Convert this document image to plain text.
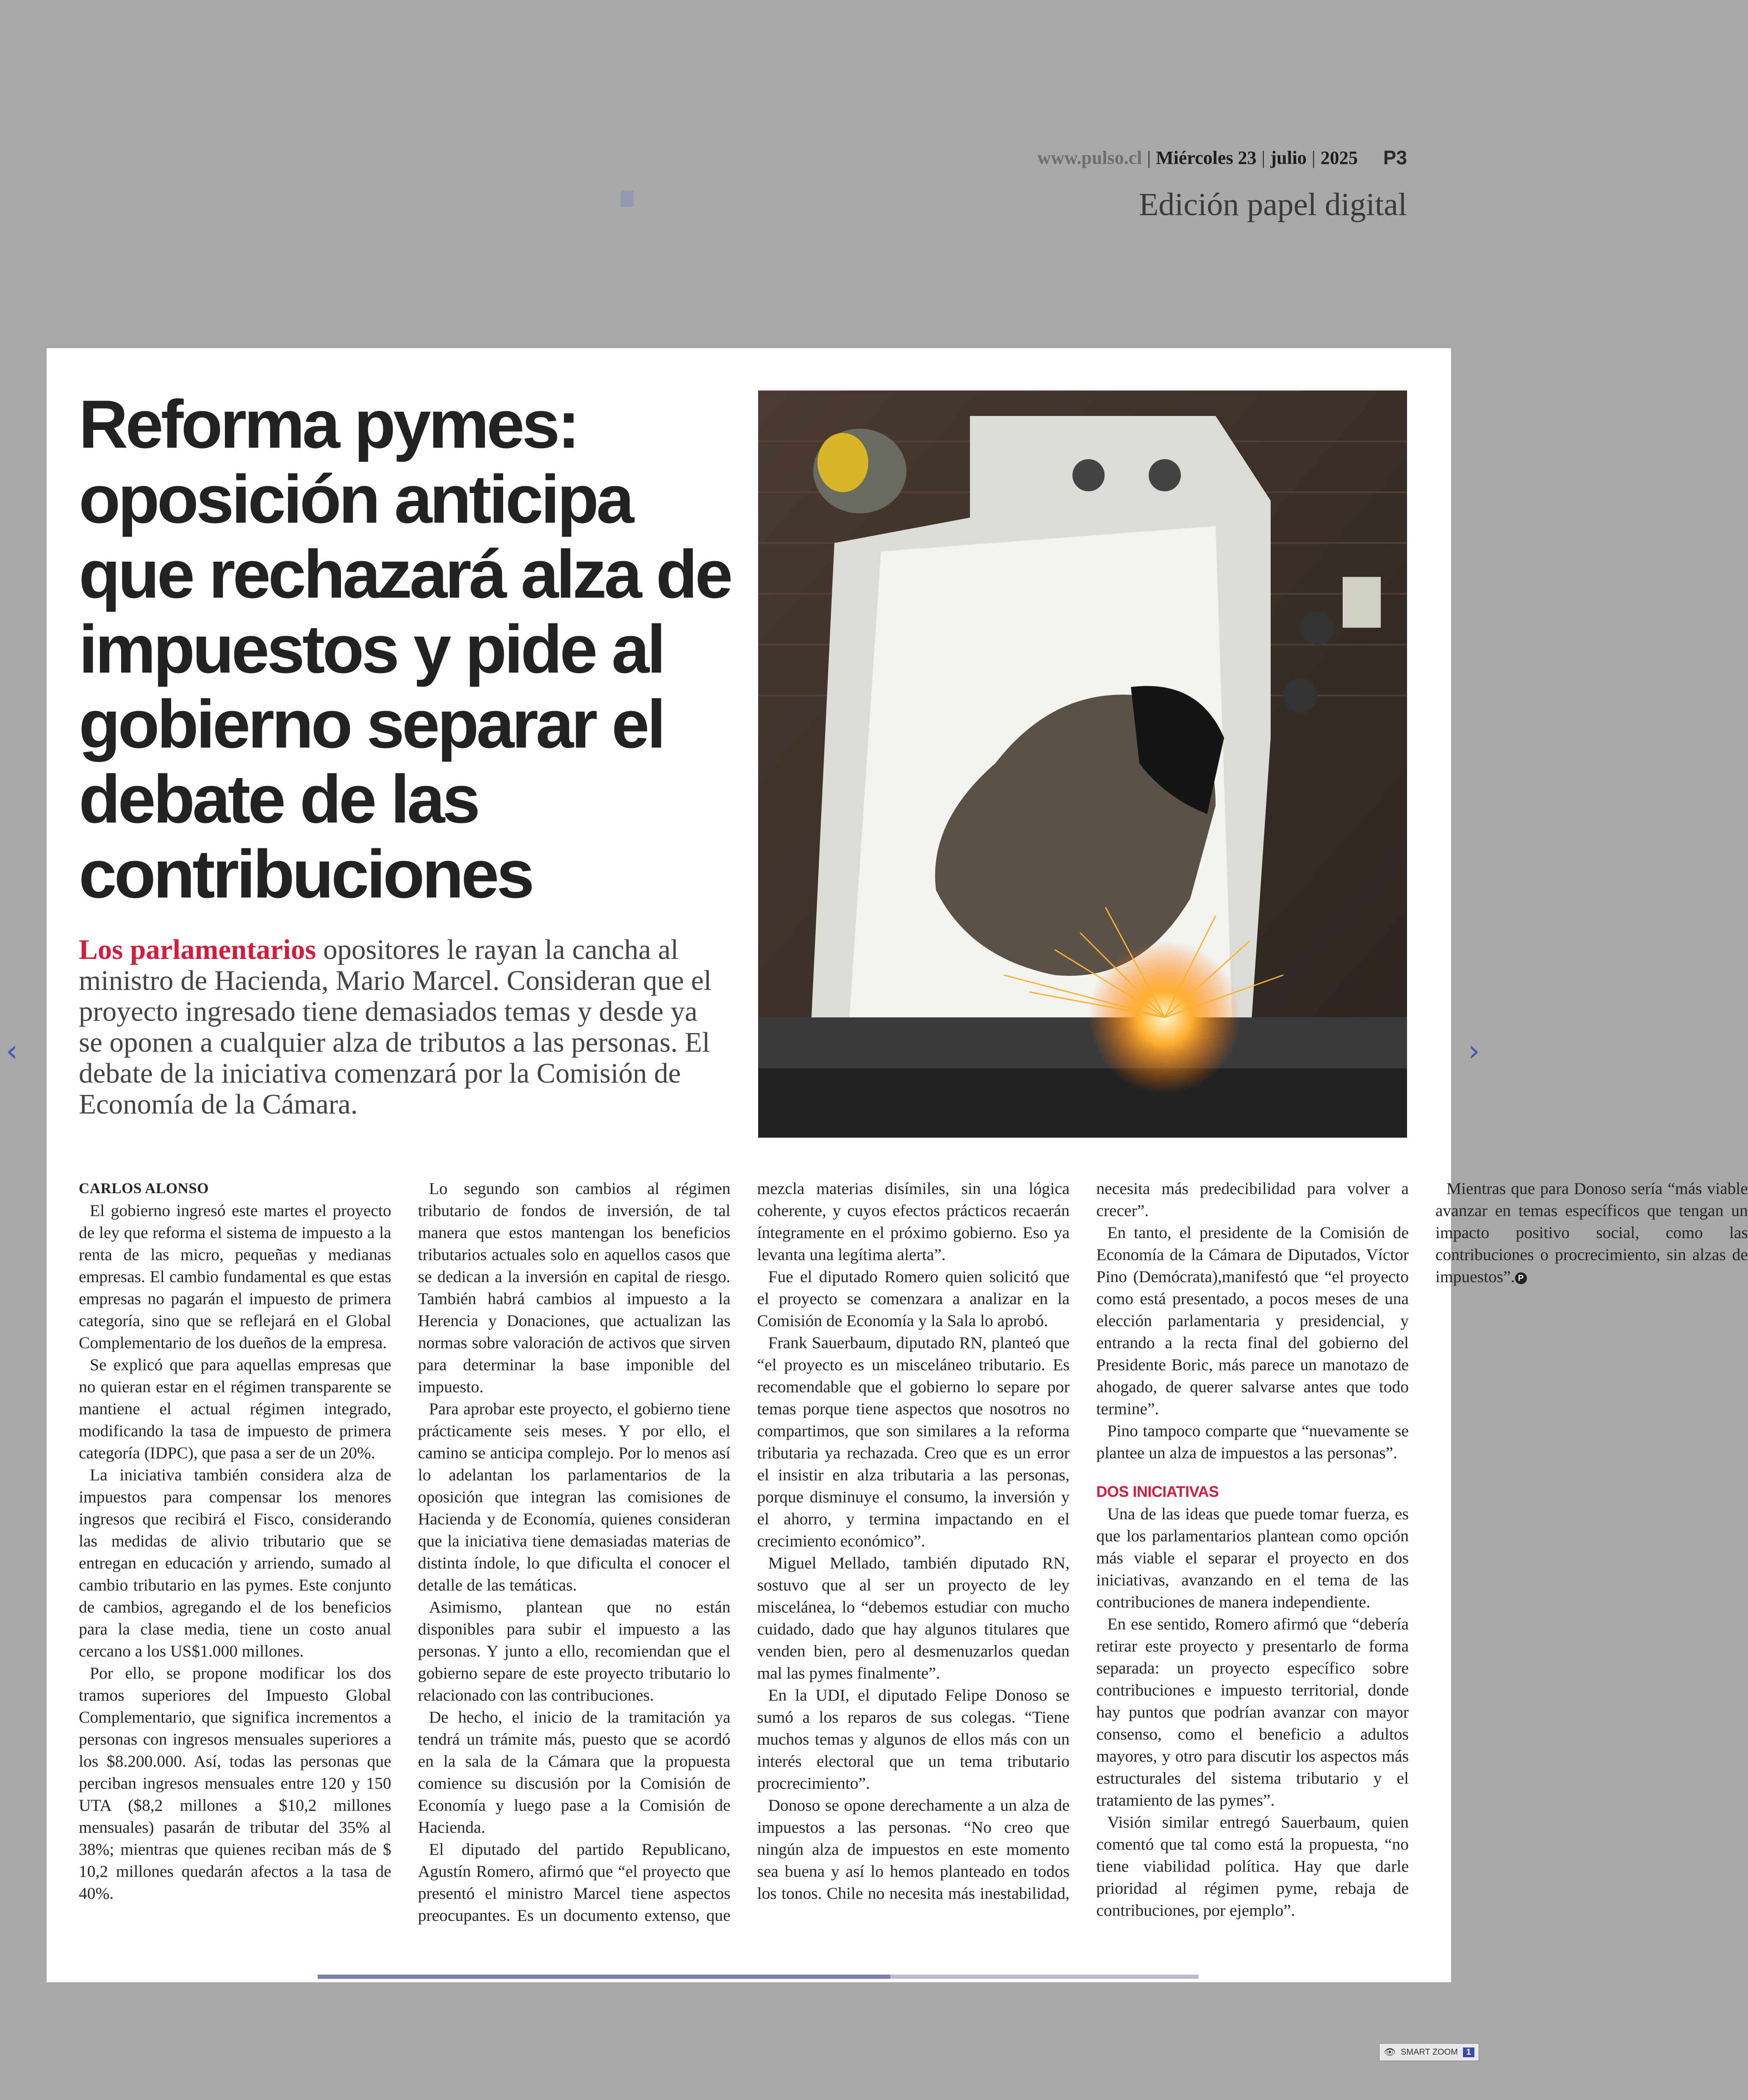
www.pulso.cl | Miércoles 23 | julio | 2025 P3
Edición papel digital
Reforma pymes: oposición anticipa que rechazará alza de impuestos y pide al gobierno separar el debate de las contribuciones
Los parlamentarios opositores le rayan la cancha al ministro de Hacienda, Mario Marcel. Consideran que el proyecto ingresado tiene demasiados temas y desde ya se oponen a cualquier alza de tributos a las personas. El debate de la iniciativa comenzará por la Comisión de Economía de la Cámara.

CARLOS ALONSO

El gobierno ingresó este martes el proyecto de ley que reforma el sistema de impuesto a la renta de las micro, pequeñas y medianas empresas. El cambio fundamental es que estas empresas no pagarán el impuesto de primera categoría, sino que se reflejará en el Global Complementario de los dueños de la empresa.

Se explicó que para aquellas empresas que no quieran estar en el régimen transparente se mantiene el actual régimen integrado, modificando la tasa de impuesto de primera categoría (IDPC), que pasa a ser de un 20%.

La iniciativa también considera alza de impuestos para compensar los menores ingresos que recibirá el Fisco, considerando las medidas de alivio tributario que se entregan en educación y arriendo, sumado al cambio tributario en las pymes. Este conjunto de cambios, agregando el de los beneficios para la clase media, tiene un costo anual cercano a los US$1.000 millones.

Por ello, se propone modificar los dos tramos superiores del Impuesto Global Complementario, que significa incrementos a personas con ingresos mensuales superiores a los $8.200.000. Así, todas las personas que perciban ingresos mensuales entre 120 y 150 UTA ($8,2 millones a $10,2 millones mensuales) pasarán de tributar del 35% al 38%; mientras que quienes reciban más de $ 10,2 millones quedarán afectos a la tasa de 40%.

Lo segundo son cambios al régimen tributario de fondos de inversión, de tal manera que estos mantengan los beneficios tributarios actuales solo en aquellos casos que se dedican a la inversión en capital de riesgo. También habrá cambios al impuesto a la Herencia y Donaciones, que actualizan las normas sobre valoración de activos que sirven para determinar la base imponible del impuesto.

Para aprobar este proyecto, el gobierno tiene prácticamente seis meses. Y por ello, el camino se anticipa complejo. Por lo menos así lo adelantan los parlamentarios de la oposición que integran las comisiones de Hacienda y de Economía, quienes consideran que la iniciativa tiene demasiadas materias de distinta índole, lo que dificulta el conocer el detalle de las temáticas.

Asimismo, plantean que no están disponibles para subir el impuesto a las personas. Y junto a ello, recomiendan que el gobierno separe de este proyecto tributario lo relacionado con las contribuciones.

De hecho, el inicio de la tramitación ya tendrá un trámite más, puesto que se acordó en la sala de la Cámara que la propuesta comience su discusión por la Comisión de Economía y luego pase a la Comisión de Hacienda.

El diputado del partido Republicano, Agustín Romero, afirmó que “el proyecto que presentó el ministro Marcel tiene aspectos preocupantes. Es un documento extenso, que mezcla materias disímiles, sin una lógica coherente, y cuyos efectos prácticos recaerán íntegramente en el próximo gobierno. Eso ya levanta una legítima alerta”.

Fue el diputado Romero quien solicitó que el proyecto se comenzara a analizar en la Comisión de Economía y la Sala lo aprobó.

Frank Sauerbaum, diputado RN, planteó que “el proyecto es un misceláneo tributario. Es recomendable que el gobierno lo separe por temas porque tiene aspectos que nosotros no compartimos, que son similares a la reforma tributaria ya rechazada. Creo que es un error el insistir en alza tributaria a las personas, porque disminuye el consumo, la inversión y el ahorro, y termina impactando en el crecimiento económico”.

Miguel Mellado, también diputado RN, sostuvo que al ser un proyecto de ley miscelánea, lo “debemos estudiar con mucho cuidado, dado que hay algunos titulares que venden bien, pero al desmenuzarlos quedan mal las pymes finalmente”.

En la UDI, el diputado Felipe Donoso se sumó a los reparos de sus colegas. “Tiene muchos temas y algunos de ellos más con un interés electoral que un tema tributario procrecimiento”.

Donoso se opone derechamente a un alza de impuestos a las personas. “No creo que ningún alza de impuestos en este momento sea buena y así lo hemos planteado en todos los tonos. Chile no necesita más inestabilidad, necesita más predecibilidad para volver a crecer”.

En tanto, el presidente de la Comisión de Economía de la Cámara de Diputados, Víctor Pino (Demócrata),manifestó que “el proyecto como está presentado, a pocos meses de una elección parlamentaria y presidencial, y entrando a la recta final del gobierno del Presidente Boric, más parece un manotazo de ahogado, de querer salvarse antes que todo termine”.

Pino tampoco comparte que “nuevamente se plantee un alza de impuestos a las personas”.

DOS INICIATIVAS

Una de las ideas que puede tomar fuerza, es que los parlamentarios plantean como opción más viable el separar el proyecto en dos iniciativas, avanzando en el tema de las contribuciones de manera independiente.

En ese sentido, Romero afirmó que “debería retirar este proyecto y presentarlo de forma separada: un proyecto específico sobre contribuciones e impuesto territorial, donde hay puntos que podrían avanzar con mayor consenso, como el beneficio a adultos mayores, y otro para discutir los aspectos más estructurales del sistema tributario y el tratamiento de las pymes”.

Visión similar entregó Sauerbaum, quien comentó que tal como está la propuesta, “no tiene viabilidad política. Hay que darle prioridad al régimen pyme, rebaja de contribuciones, por ejemplo”.

Mientras que para Donoso sería “más viable avanzar en temas específicos que tengan un impacto positivo social, como las contribuciones o procrecimiento, sin alzas de impuestos”. P

‹	›
👁 SMART ZOOM	1
